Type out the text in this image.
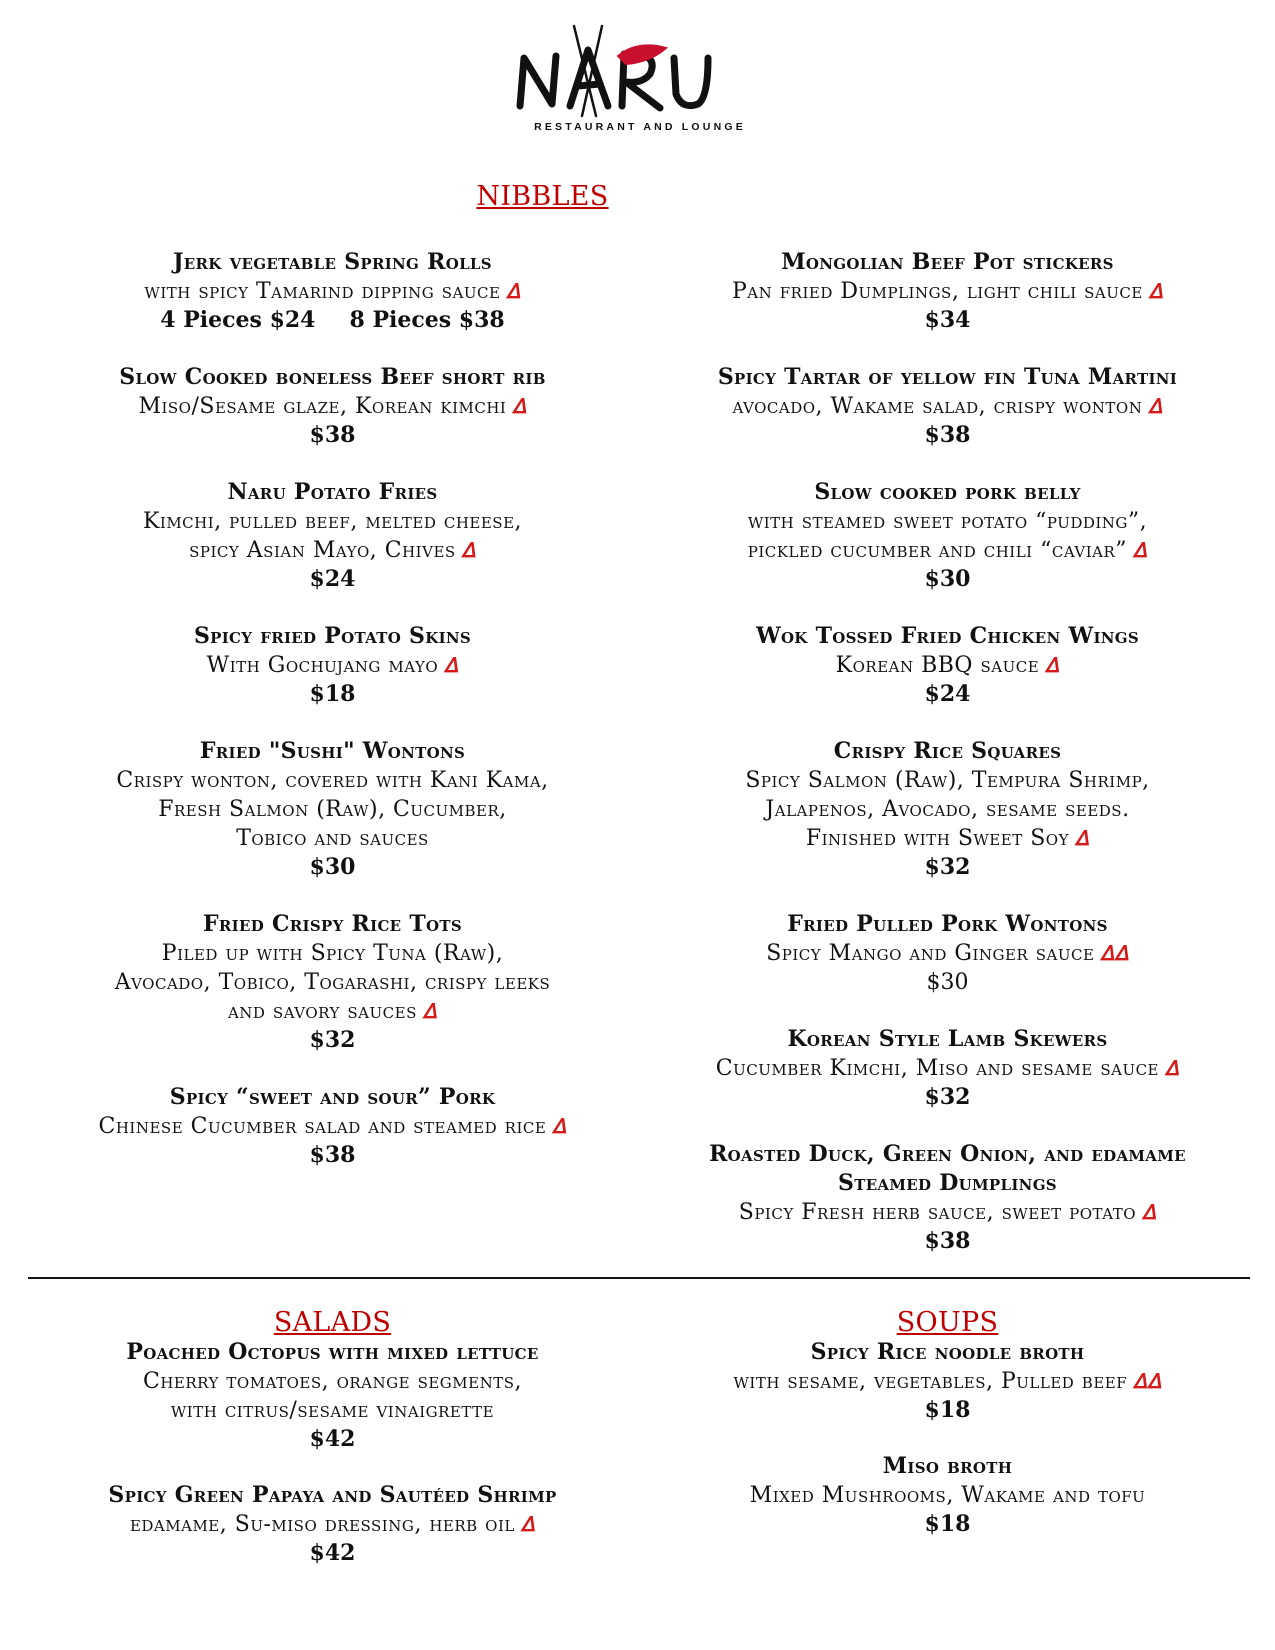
RESTAURANT AND LOUNGE
NIBBLES
Jerk vegetable Spring Rolls
with spicy Tamarind dipping sauce ᐃ
4 Pieces $24 8 Pieces $38
Slow Cooked boneless Beef short rib
Miso/Sesame glaze, Korean kimchi ᐃ
$38
Naru Potato Fries
Kimchi, pulled beef, melted cheese,
spicy Asian Mayo, Chives ᐃ
$24
Spicy fried Potato Skins
With Gochujang mayo ᐃ
$18
Fried "Sushi" Wontons
Crispy wonton, covered with Kani Kama,
Fresh Salmon (Raw), Cucumber,
Tobico and sauces
$30
Fried Crispy Rice Tots
Piled up with Spicy Tuna (Raw),
Avocado, Tobico, Togarashi, crispy leeks
and savory sauces ᐃ
$32
Spicy “sweet and sour” Pork
Chinese Cucumber salad and steamed rice ᐃ
$38
Mongolian Beef Pot stickers
Pan fried Dumplings, light chili sauce ᐃ
$34
Spicy Tartar of yellow fin Tuna Martini
avocado, Wakame salad, crispy wonton ᐃ
$38
Slow cooked pork belly
with steamed sweet potato “pudding”,
pickled cucumber and chili “caviar” ᐃ
$30
Wok Tossed Fried Chicken Wings
Korean BBQ sauce ᐃ
$24
Crispy Rice Squares
Spicy Salmon (Raw), Tempura Shrimp,
Jalapenos, Avocado, sesame seeds.
Finished with Sweet Soy ᐃ
$32
Fried Pulled Pork Wontons
Spicy Mango and Ginger sauce ᐃᐃ
$30
Korean Style Lamb Skewers
Cucumber Kimchi, Miso and sesame sauce ᐃ
$32
Roasted Duck, Green Onion, and edamame
Steamed Dumplings
Spicy Fresh herb sauce, sweet potato ᐃ
$38
SALADS	SOUPS
Poached Octopus with mixed lettuce
Cherry tomatoes, orange segments,
with citrus/sesame vinaigrette
$42
Spicy Green Papaya and Sautéed Shrimp
edamame, Su-miso dressing, herb oil ᐃ
$42
Spicy Rice noodle broth
with sesame, vegetables, Pulled beef ᐃᐃ
$18
Miso broth
Mixed Mushrooms, Wakame and tofu
$18
